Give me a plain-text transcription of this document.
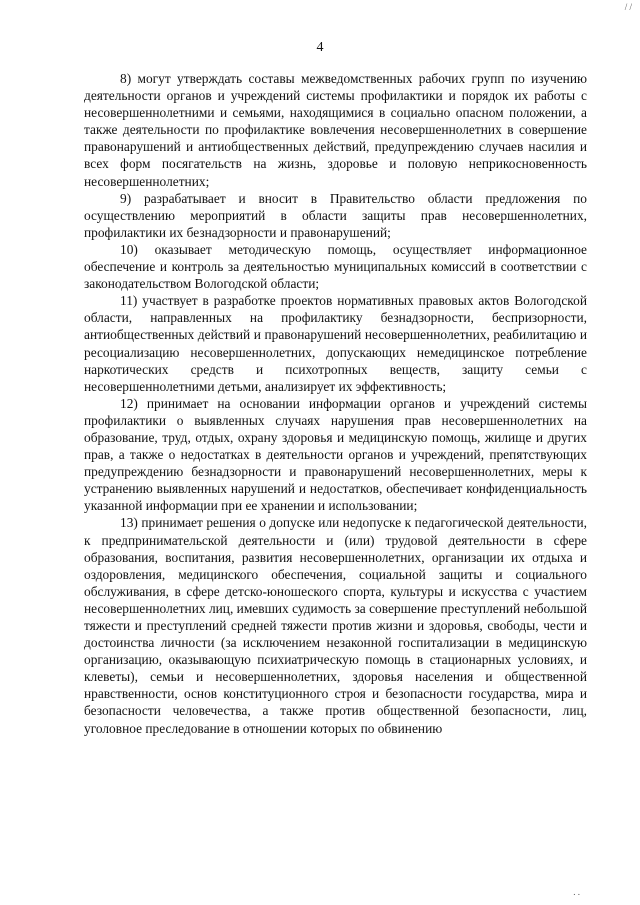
/ /
4

8) могут утверждать составы межведомственных рабочих групп по изучению деятельности органов и учреждений системы профилактики и порядок их работы с несовершеннолетними и семьями, находящимися в социально опасном положении, а также деятельности по профилактике вовлечения несовершеннолетних в совершение правонарушений и антиобщественных действий, предупреждению случаев насилия и всех форм посягательств на жизнь, здоровье и половую неприкосновенность несовершеннолетних;

9) разрабатывает и вносит в Правительство области предложения по осуществлению мероприятий в области защиты прав несовершеннолетних, профилактики их безнадзорности и правонарушений;

10) оказывает методическую помощь, осуществляет информационное обеспечение и контроль за деятельностью муниципальных комиссий в соответствии с законодательством Вологодской области;

11) участвует в разработке проектов нормативных правовых актов Вологодской области, направленных на профилактику безнадзорности, беспризорности, антиобщественных действий и правонарушений несовершеннолетних, реабилитацию и ресоциализацию несовершеннолетних, допускающих немедицинское потребление наркотических средств и психотропных веществ, защиту семьи с несовершеннолетними детьми, анализирует их эффективность;

12) принимает на основании информации органов и учреждений системы профилактики о выявленных случаях нарушения прав несовершеннолетних на образование, труд, отдых, охрану здоровья и медицинскую помощь, жилище и других прав, а также о недостатках в деятельности органов и учреждений, препятствующих предупреждению безнадзорности и правонарушений несовершеннолетних, меры к устранению выявленных нарушений и недостатков, обеспечивает конфиденциальность указанной информации при ее хранении и использовании;

13) принимает решения о допуске или недопуске к педагогической деятельности, к предпринимательской деятельности и (или) трудовой деятельности в сфере образования, воспитания, развития несовершеннолетних, организации их отдыха и оздоровления, медицинского обеспечения, социальной защиты и социального обслуживания, в сфере детско-юношеского спорта, культуры и искусства с участием несовершеннолетних лиц, имевших судимость за совершение преступлений небольшой тяжести и преступлений средней тяжести против жизни и здоровья, свободы, чести и достоинства личности (за исключением незаконной госпитализации в медицинскую организацию, оказывающую психиатрическую помощь в стационарных условиях, и клеветы), семьи и несовершеннолетних, здоровья населения и общественной нравственности, основ конституционного строя и безопасности государства, мира и безопасности человечества, а также против общественной безопасности, лиц, уголовное преследование в отношении которых по обвинению

. .
